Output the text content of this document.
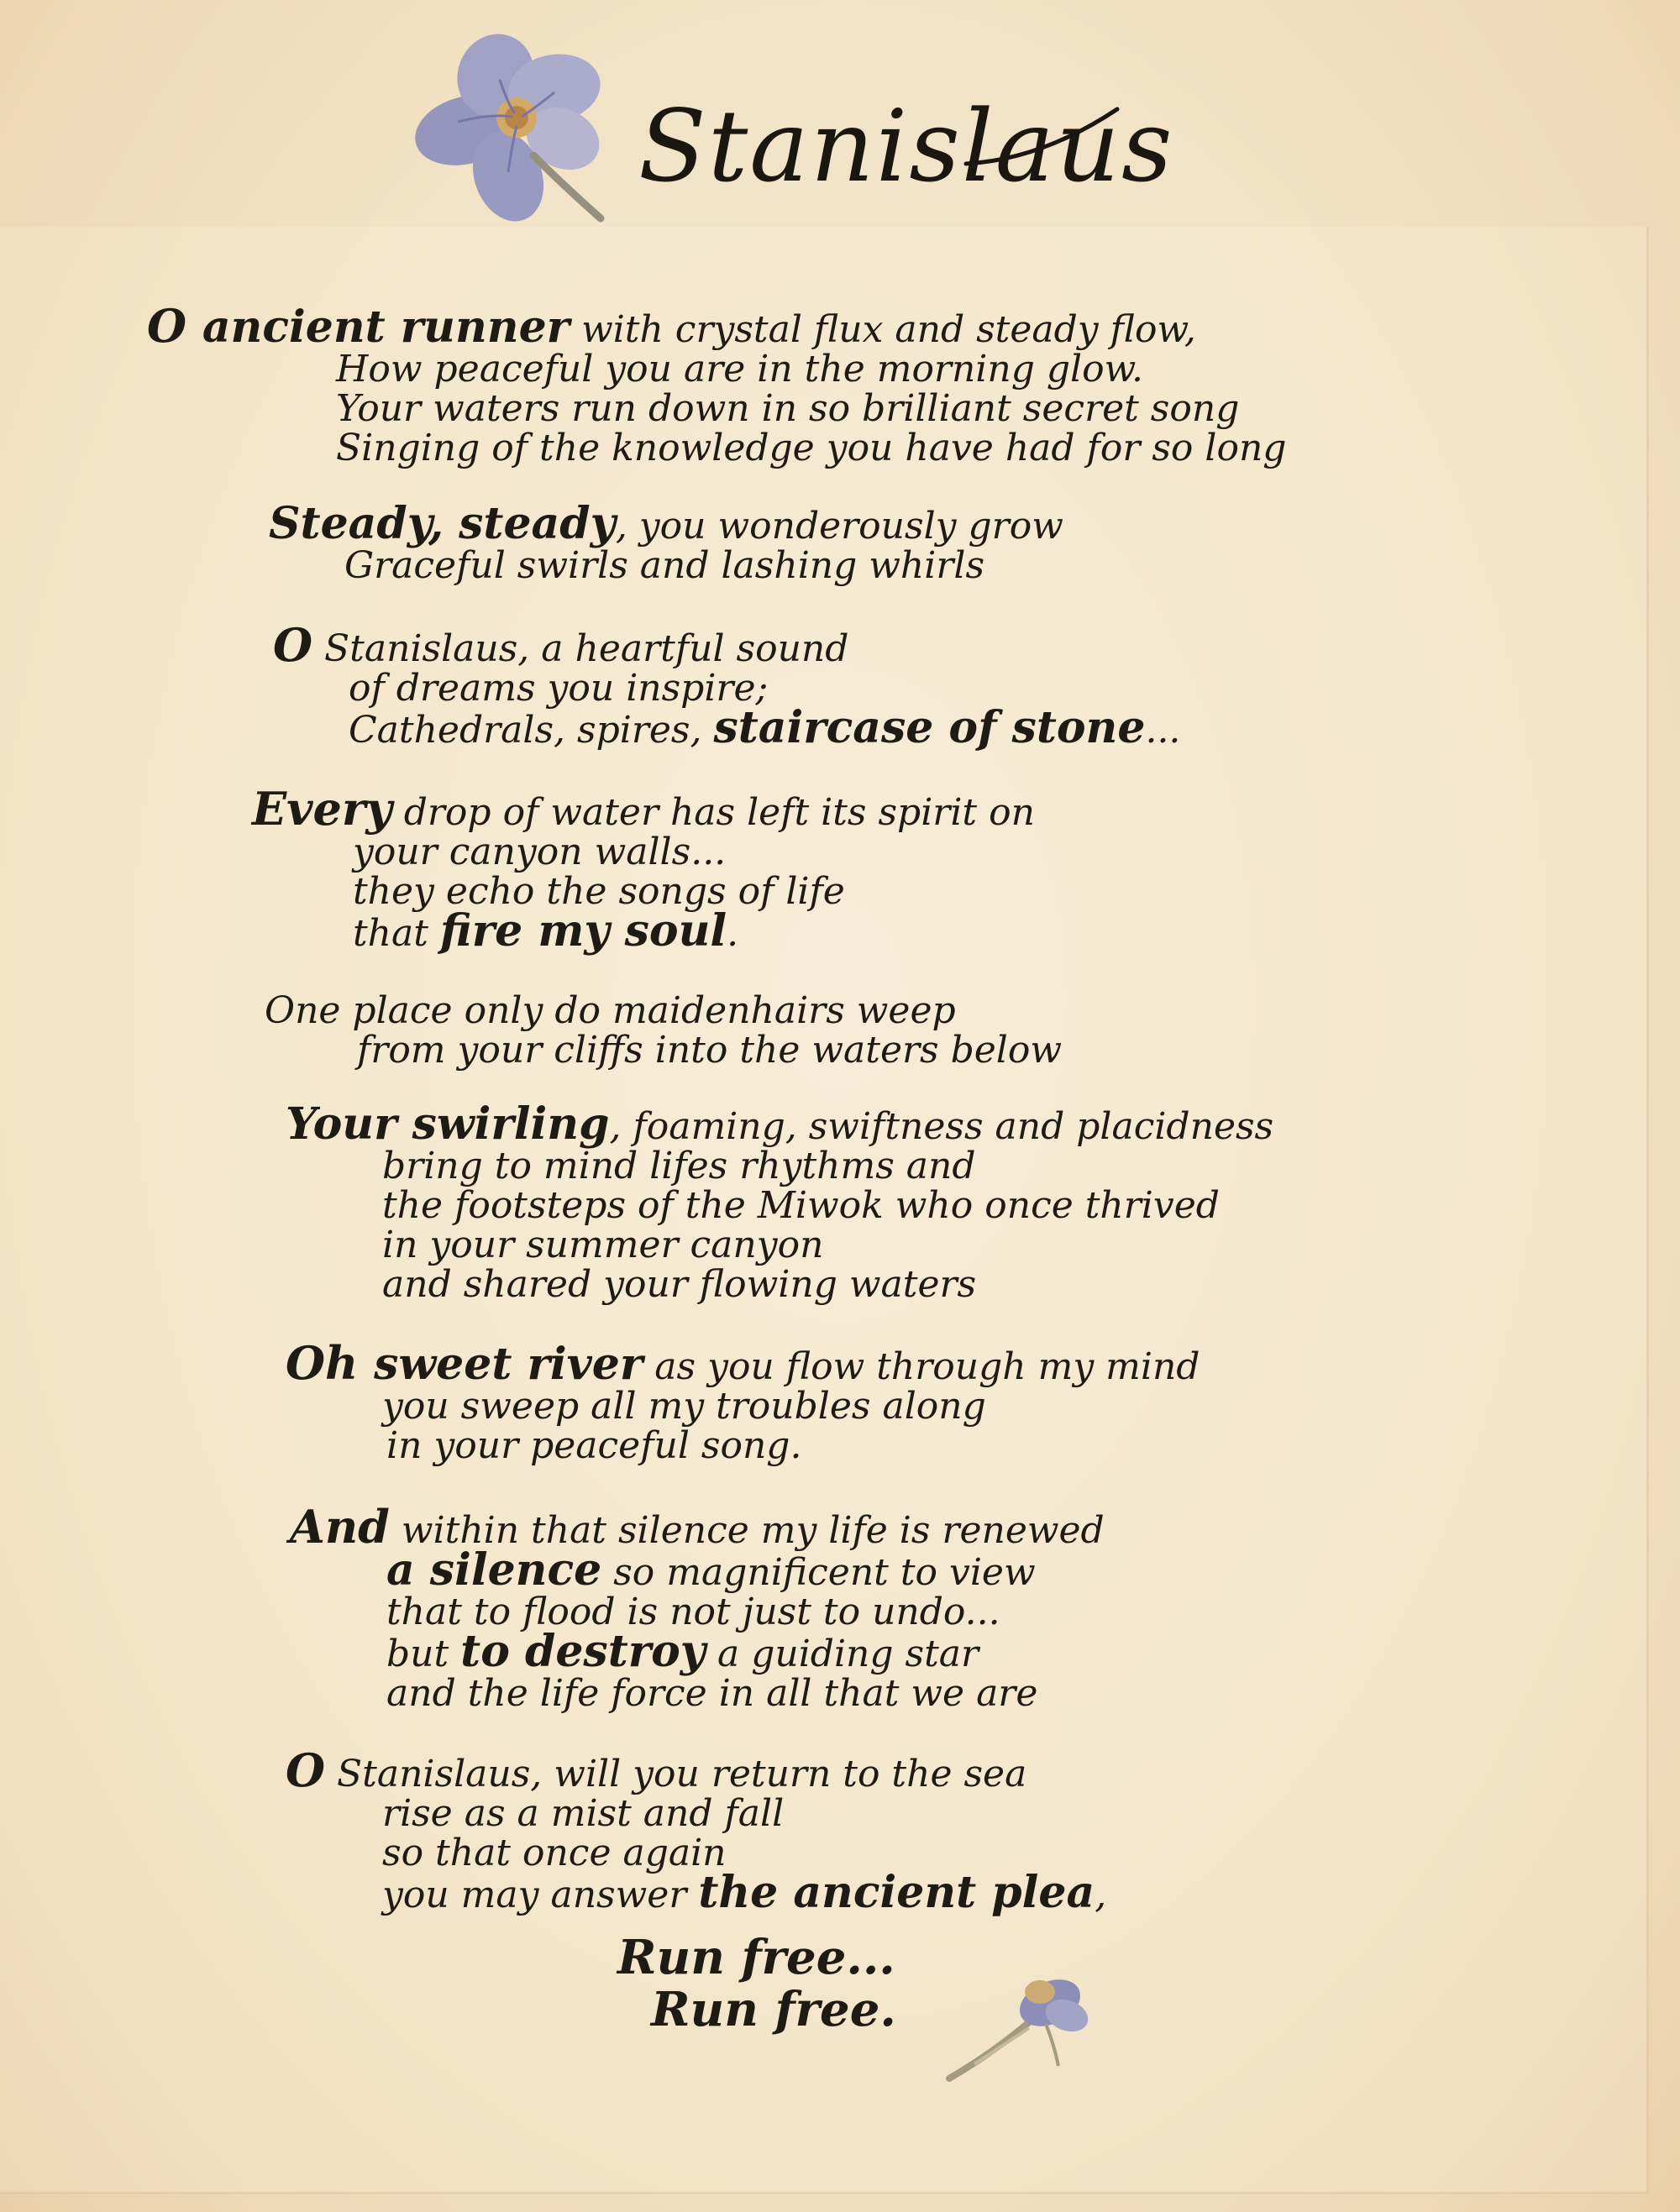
Stanislaus
O ancient runner with crystal flux and steady flow,
How peaceful you are in the morning glow.
Your waters run down in so brilliant secret song
Singing of the knowledge you have had for so long
Steady, steady, you wonderously grow
Graceful swirls and lashing whirls
O Stanislaus, a heartful sound
of dreams you inspire;
Cathedrals, spires, staircase of stone...
Every drop of water has left its spirit on
your canyon walls...
they echo the songs of life
that fire my soul.
One place only do maidenhairs weep
from your cliffs into the waters below
Your swirling, foaming, swiftness and placidness
bring to mind lifes rhythms and
the footsteps of the Miwok who once thrived
in your summer canyon
and shared your flowing waters
Oh sweet river as you flow through my mind
you sweep all my troubles along
in your peaceful song.
And within that silence my life is renewed
a silence so magnificent to view
that to flood is not just to undo...
but to destroy a guiding star
and the life force in all that we are
O Stanislaus, will you return to the sea
rise as a mist and fall
so that once again
you may answer the ancient plea,
Run free...
Run free.
